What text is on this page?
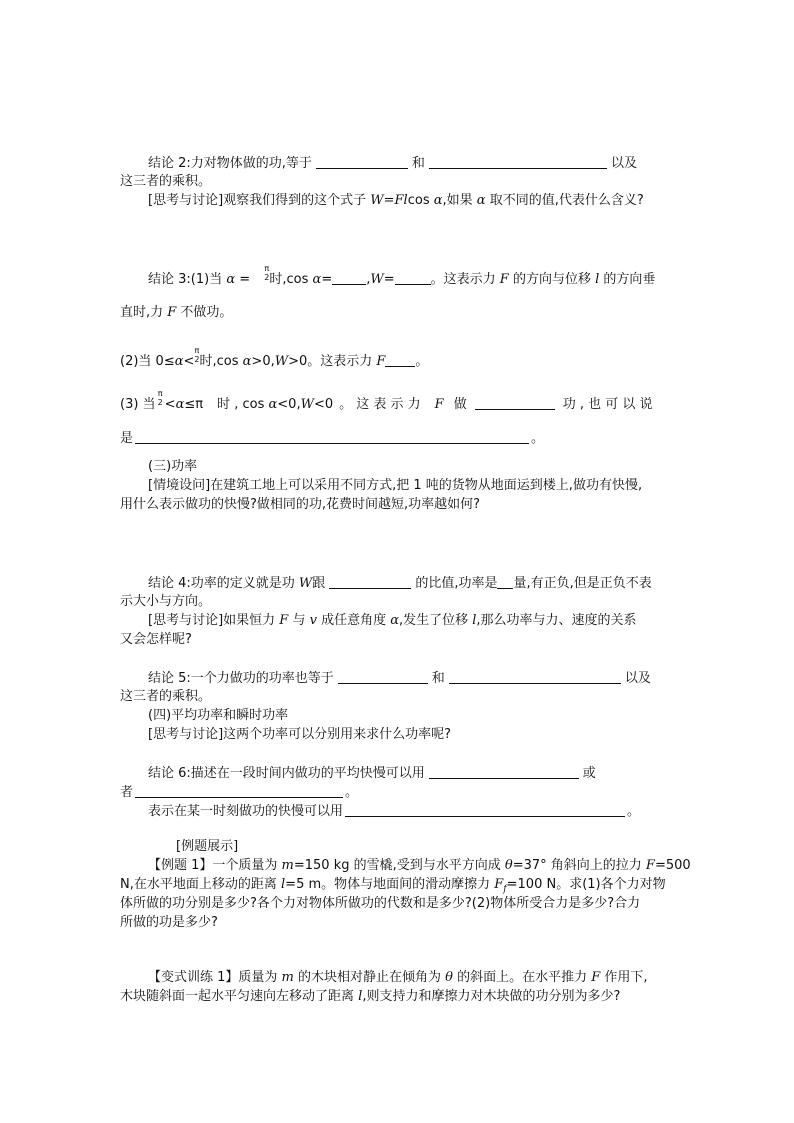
结论 2:力对物体做的功,等于	和	以及
这三者的乘积。
[思考与讨论]观察我们得到的这个式子 W=Flcos α,如果 α 取不同的值,代表什么含义?
结论 3:(1)当 α =
π
2 时,cos α=	,W=	。这表示力 F 的方向与位移 l 的方向垂
直时,力 F 不做功。
(2)当 0≤α<
π
2 时,cos α>0,W>0。这表示力 F 。
(3) 当
π
2 <α≤π 时 , cos α<0,W<0 。 这 表 示 力 F 做	功 , 也 可 以 说
是	。
(三)功率
[情境设问]在建筑工地上可以采用不同方式,把 1 吨的货物从地面运到楼上,做功有快慢,
用什么表示做功的快慢?做相同的功,花费时间越短,功率越如何?
结论 4:功率的定义就是功 W跟	的比值,功率是 量,有正负,但是正负不表
示大小与方向。
[思考与讨论]如果恒力 F 与 v 成任意角度 α,发生了位移 l,那么功率与力、速度的关系
又会怎样呢?
结论 5:一个力做功的功率也等于	和	以及
这三者的乘积。
(四)平均功率和瞬时功率
[思考与讨论]这两个功率可以分别用来求什么功率呢?
结论 6:描述在一段时间内做功的平均快慢可以用	或
者	。
表示在某一时刻做功的快慢可以用	。
[例题展示]
【例题 1】一个质量为 m=150 kg 的雪橇,受到与水平方向成 θ=37° 角斜向上的拉力 F=500
N,在水平地面上移动的距离 l=5 m。物体与地面间的滑动摩擦力 $F_f=100$ N。求(1)各个力对物
体所做的功分别是多少?各个力对物体所做功的代数和是多少?(2)物体所受合力是多少?合力
所做的功是多少?
【变式训练 1】质量为 m 的木块相对静止在倾角为 θ 的斜面上。在水平推力 F 作用下,
木块随斜面一起水平匀速向左移动了距离 l,则支持力和摩擦力对木块做的功分别为多少?
